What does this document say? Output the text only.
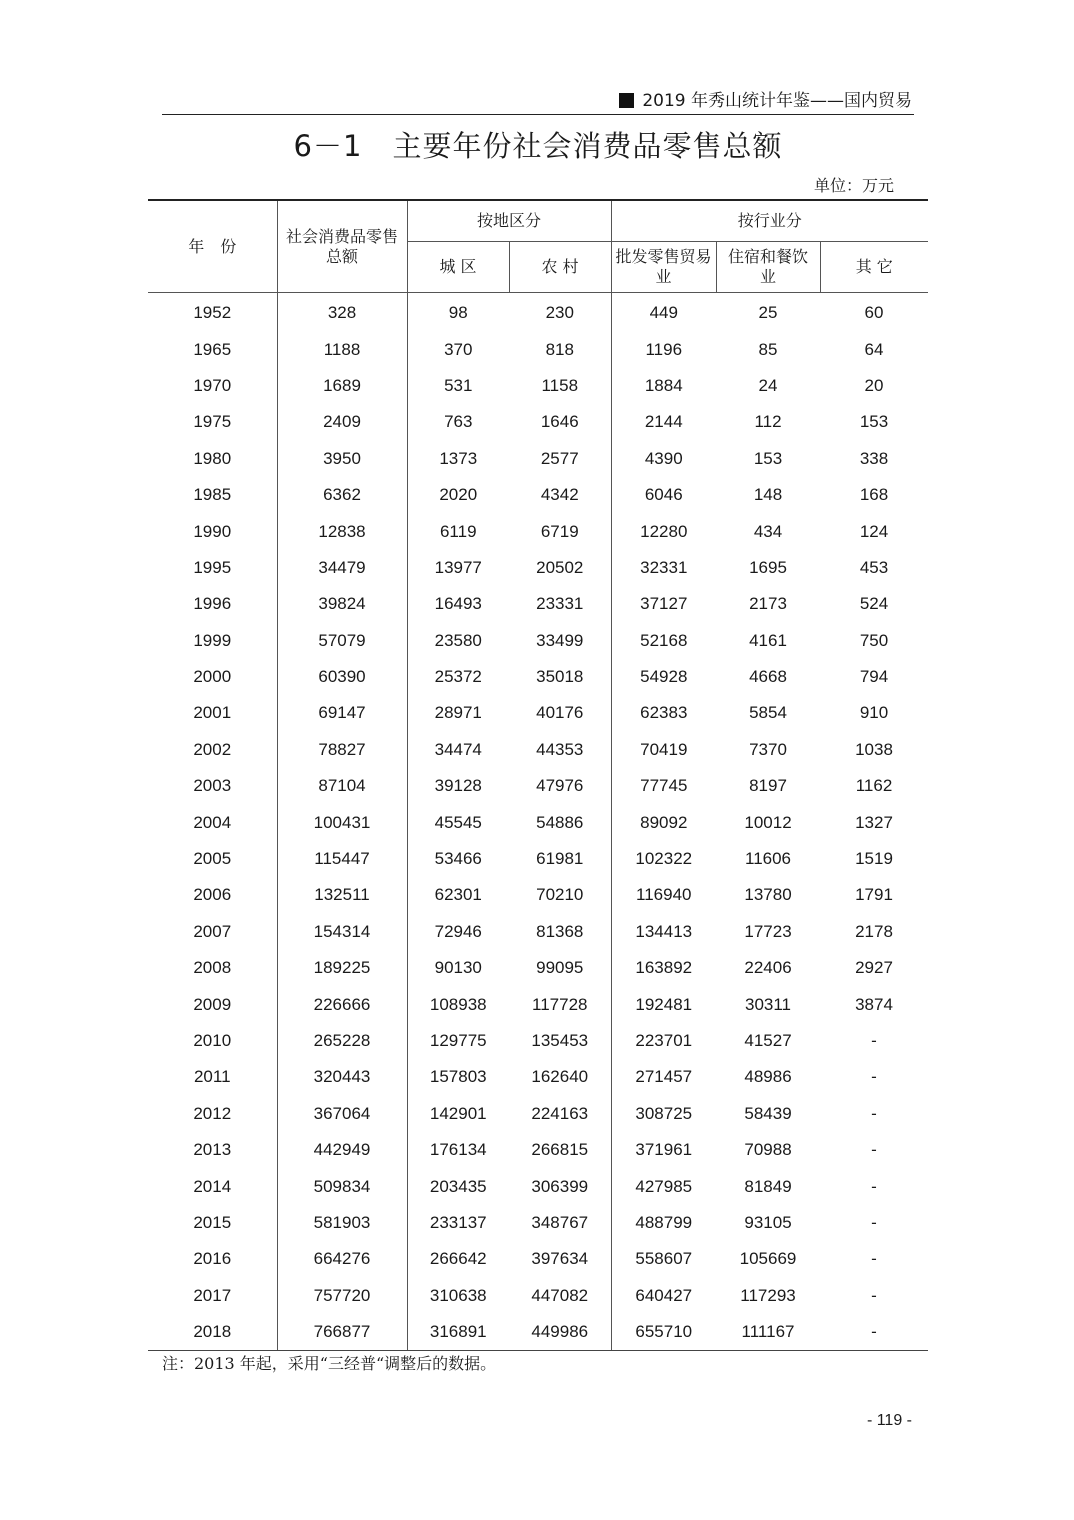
2019 年秀山统计年鉴——国内贸易
6－1　主要年份社会消费品零售总额
单位：万元
年　份	社会消费品零售总额	按地区分		按行业分		
		城 区	农 村	批发零售贸易业	住宿和餐饮业	其 它
1952	328	98	230	449	25	60
1965	1188	370	818	1196	85	64
1970	1689	531	1158	1884	24	20
1975	2409	763	1646	2144	112	153
1980	3950	1373	2577	4390	153	338
1985	6362	2020	4342	6046	148	168
1990	12838	6119	6719	12280	434	124
1995	34479	13977	20502	32331	1695	453
1996	39824	16493	23331	37127	2173	524
1999	57079	23580	33499	52168	4161	750
2000	60390	25372	35018	54928	4668	794
2001	69147	28971	40176	62383	5854	910
2002	78827	34474	44353	70419	7370	1038
2003	87104	39128	47976	77745	8197	1162
2004	100431	45545	54886	89092	10012	1327
2005	115447	53466	61981	102322	11606	1519
2006	132511	62301	70210	116940	13780	1791
2007	154314	72946	81368	134413	17723	2178
2008	189225	90130	99095	163892	22406	2927
2009	226666	108938	117728	192481	30311	3874
2010	265228	129775	135453	223701	41527	-
2011	320443	157803	162640	271457	48986	-
2012	367064	142901	224163	308725	58439	-
2013	442949	176134	266815	371961	70988	-
2014	509834	203435	306399	427985	81849	-
2015	581903	233137	348767	488799	93105	-
2016	664276	266642	397634	558607	105669	-
2017	757720	310638	447082	640427	117293	-
2018	766877	316891	449986	655710	111167	-
注：2013 年起，采用“三经普“调整后的数据。
- 119 -
